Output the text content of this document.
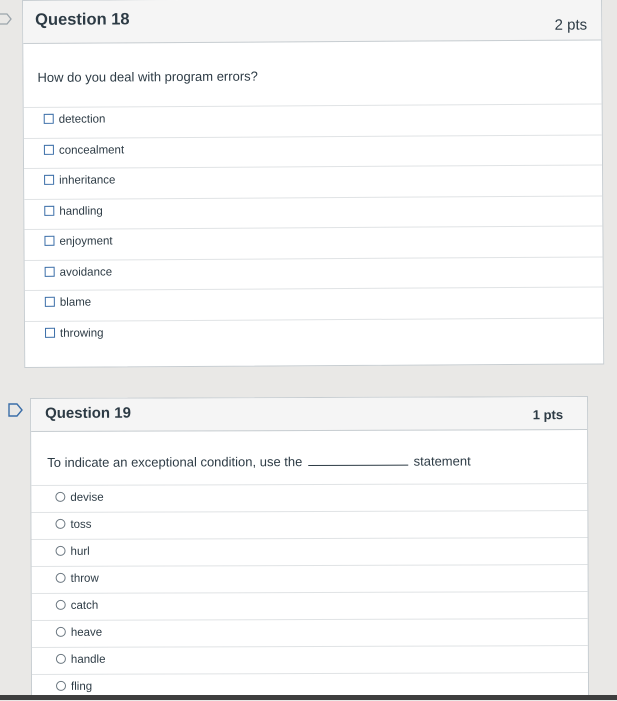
Question 18	2 pts
How do you deal with program errors?
detection
concealment
inheritance
handling
enjoyment
avoidance
blame
throwing
Question 19	1 pts
To indicate an exceptional condition, use the	statement
devise
toss
hurl
throw
catch
heave
handle
fling
